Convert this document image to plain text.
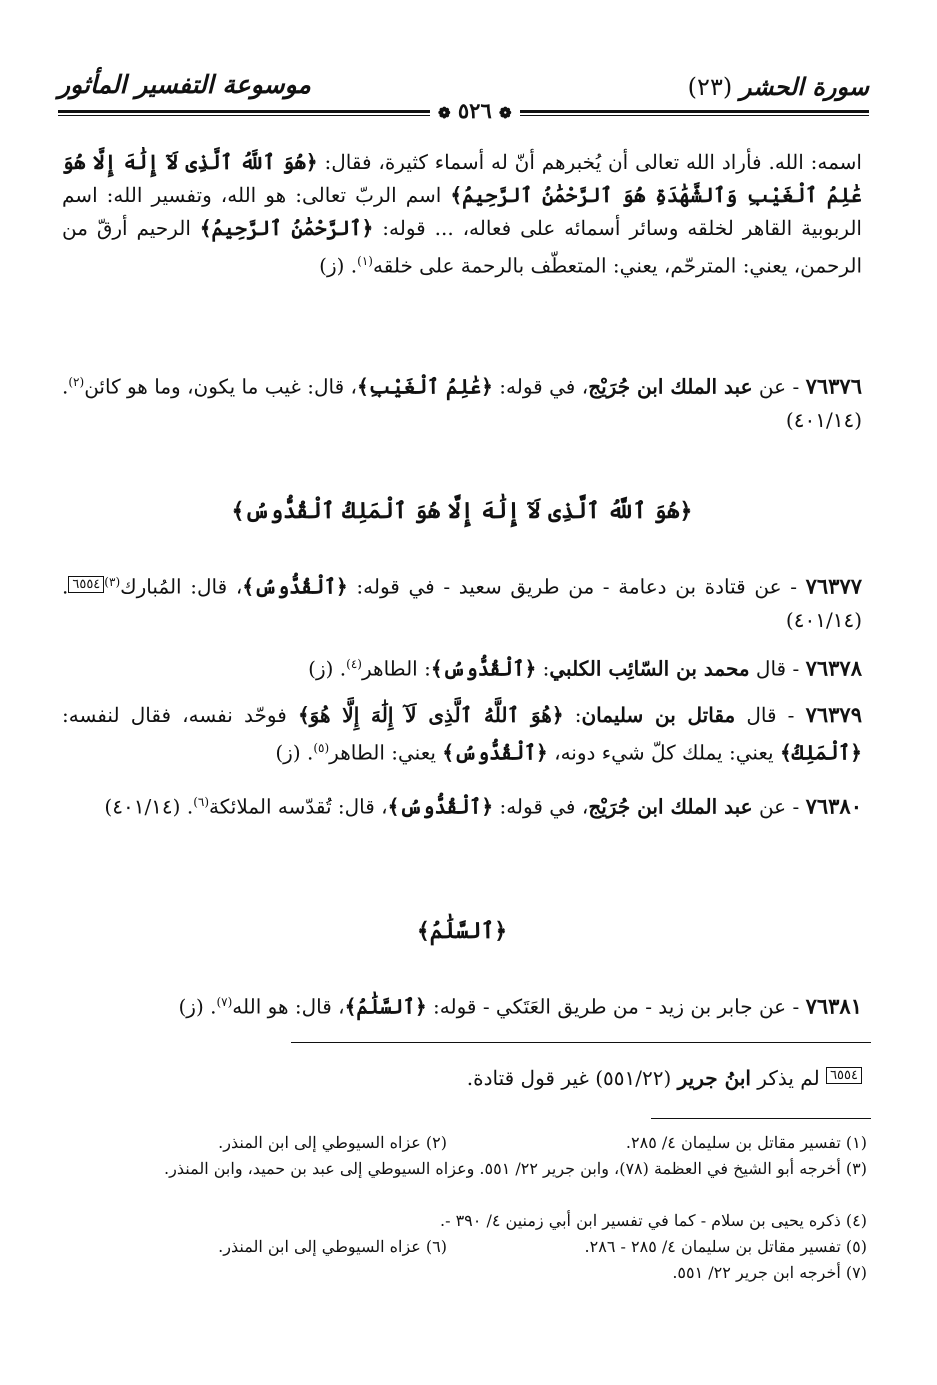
سورة الحشر (٢٣)
❁ ٥٢٦ ❁
موسوعة التفسير المأثور
اسمه: الله. فأراد الله تعالى أن يُخبرهم أنّ له أسماء كثيرة، فقال: ﴿هُوَ ٱللَّهُ ٱلَّذِى لَآ إِلَٰهَ إِلَّا هُوَ عَٰلِمُ ٱلْغَيْبِ وَٱلشَّهَٰدَةِ هُوَ ٱلرَّحْمَٰنُ ٱلرَّحِيمُ﴾ اسم الربّ تعالى: هو الله، وتفسير الله: اسم الربوبية القاهر لخلقه وسائر أسمائه على فعاله، ... قوله: ﴿ٱلرَّحْمَٰنُ ٱلرَّحِيمُ﴾ الرحيم أرقّ من الرحمن، يعني: المترحّم، يعني: المتعطّف بالرحمة على خلقه$^{(١)}$. (ز)
٧٦٣٧٦ - عن عبد الملك ابن جُرَيْج، في قوله: ﴿عَٰلِمُ ٱلْغَيْبِ﴾، قال: غيب ما يكون، وما هو كائن$^{(٢)}$. (٤٠١/١٤)
﴿هُوَ ٱللَّهُ ٱلَّذِى لَآ إِلَٰهَ إِلَّا هُوَ ٱلْمَلِكُ ٱلْقُدُّوسُ﴾
٧٦٣٧٧ - عن قتادة بن دعامة - من طريق سعيد - في قوله: ﴿ٱلْقُدُّوسُ﴾، قال: المُبارك$^{(٣)}$٦٥٥٤. (٤٠١/١٤)
٧٦٣٧٨ - قال محمد بن السّائِب الكلبي: ﴿ٱلْقُدُّوسُ﴾: الطاهر$^{(٤)}$. (ز)
٧٦٣٧٩ - قال مقاتل بن سليمان: ﴿هُوَ ٱللَّهُ ٱلَّذِى لَآ إِلَٰهَ إِلَّا هُوَ﴾ فوحّد نفسه، فقال لنفسه: ﴿ٱلْمَلِكُ﴾ يعني: يملك كلّ شيء دونه، ﴿ٱلْقُدُّوسُ﴾ يعني: الطاهر$^{(٥)}$. (ز)
٧٦٣٨٠ - عن عبد الملك ابن جُرَيْج، في قوله: ﴿ٱلْقُدُّوسُ﴾، قال: تُقدّسه الملائكة$^{(٦)}$. (٤٠١/١٤)
﴿ٱلسَّلَٰمُ﴾
٧٦٣٨١ - عن جابر بن زيد - من طريق العَتَكي - قوله: ﴿ٱلسَّلَٰمُ﴾، قال: هو الله$^{(٧)}$. (ز)
٦٥٥٤ لم يذكر ابنُ جرير (٥٥١/٢٢) غير قول قتادة.
(١) تفسير مقاتل بن سليمان ٤/ ٢٨٥.
(٢) عزاه السيوطي إلى ابن المنذر.
(٣) أخرجه أبو الشيخ في العظمة (٧٨)، وابن جرير ٢٢/ ٥٥١. وعزاه السيوطي إلى عبد بن حميد، وابن المنذر.
(٤) ذكره يحيى بن سلام - كما في تفسير ابن أبي زمنين ٤/ ٣٩٠ -.
(٥) تفسير مقاتل بن سليمان ٤/ ٢٨٥ - ٢٨٦.
(٦) عزاه السيوطي إلى ابن المنذر.
(٧) أخرجه ابن جرير ٢٢/ ٥٥١.
